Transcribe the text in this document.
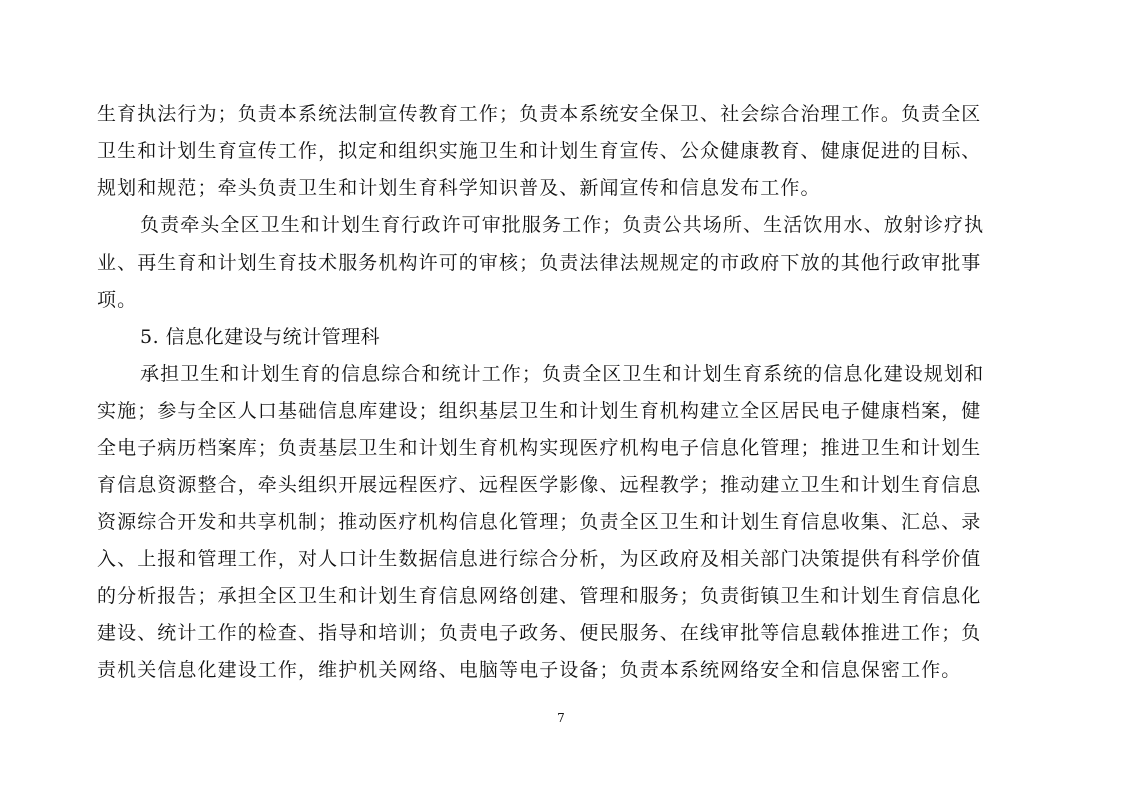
生育执法行为；负责本系统法制宣传教育工作；负责本系统安全保卫、社会综合治理工作。负责全区
卫生和计划生育宣传工作，拟定和组织实施卫生和计划生育宣传、公众健康教育、健康促进的目标、
规划和规范；牵头负责卫生和计划生育科学知识普及、新闻宣传和信息发布工作。
负责牵头全区卫生和计划生育行政许可审批服务工作；负责公共场所、生活饮用水、放射诊疗执
业、再生育和计划生育技术服务机构许可的审核；负责法律法规规定的市政府下放的其他行政审批事
项。
5. 信息化建设与统计管理科
承担卫生和计划生育的信息综合和统计工作；负责全区卫生和计划生育系统的信息化建设规划和
实施；参与全区人口基础信息库建设；组织基层卫生和计划生育机构建立全区居民电子健康档案，健
全电子病历档案库；负责基层卫生和计划生育机构实现医疗机构电子信息化管理；推进卫生和计划生
育信息资源整合，牵头组织开展远程医疗、远程医学影像、远程教学；推动建立卫生和计划生育信息
资源综合开发和共享机制；推动医疗机构信息化管理；负责全区卫生和计划生育信息收集、汇总、录
入、上报和管理工作，对人口计生数据信息进行综合分析，为区政府及相关部门决策提供有科学价值
的分析报告；承担全区卫生和计划生育信息网络创建、管理和服务；负责街镇卫生和计划生育信息化
建设、统计工作的检查、指导和培训；负责电子政务、便民服务、在线审批等信息载体推进工作；负
责机关信息化建设工作，维护机关网络、电脑等电子设备；负责本系统网络安全和信息保密工作。
7
